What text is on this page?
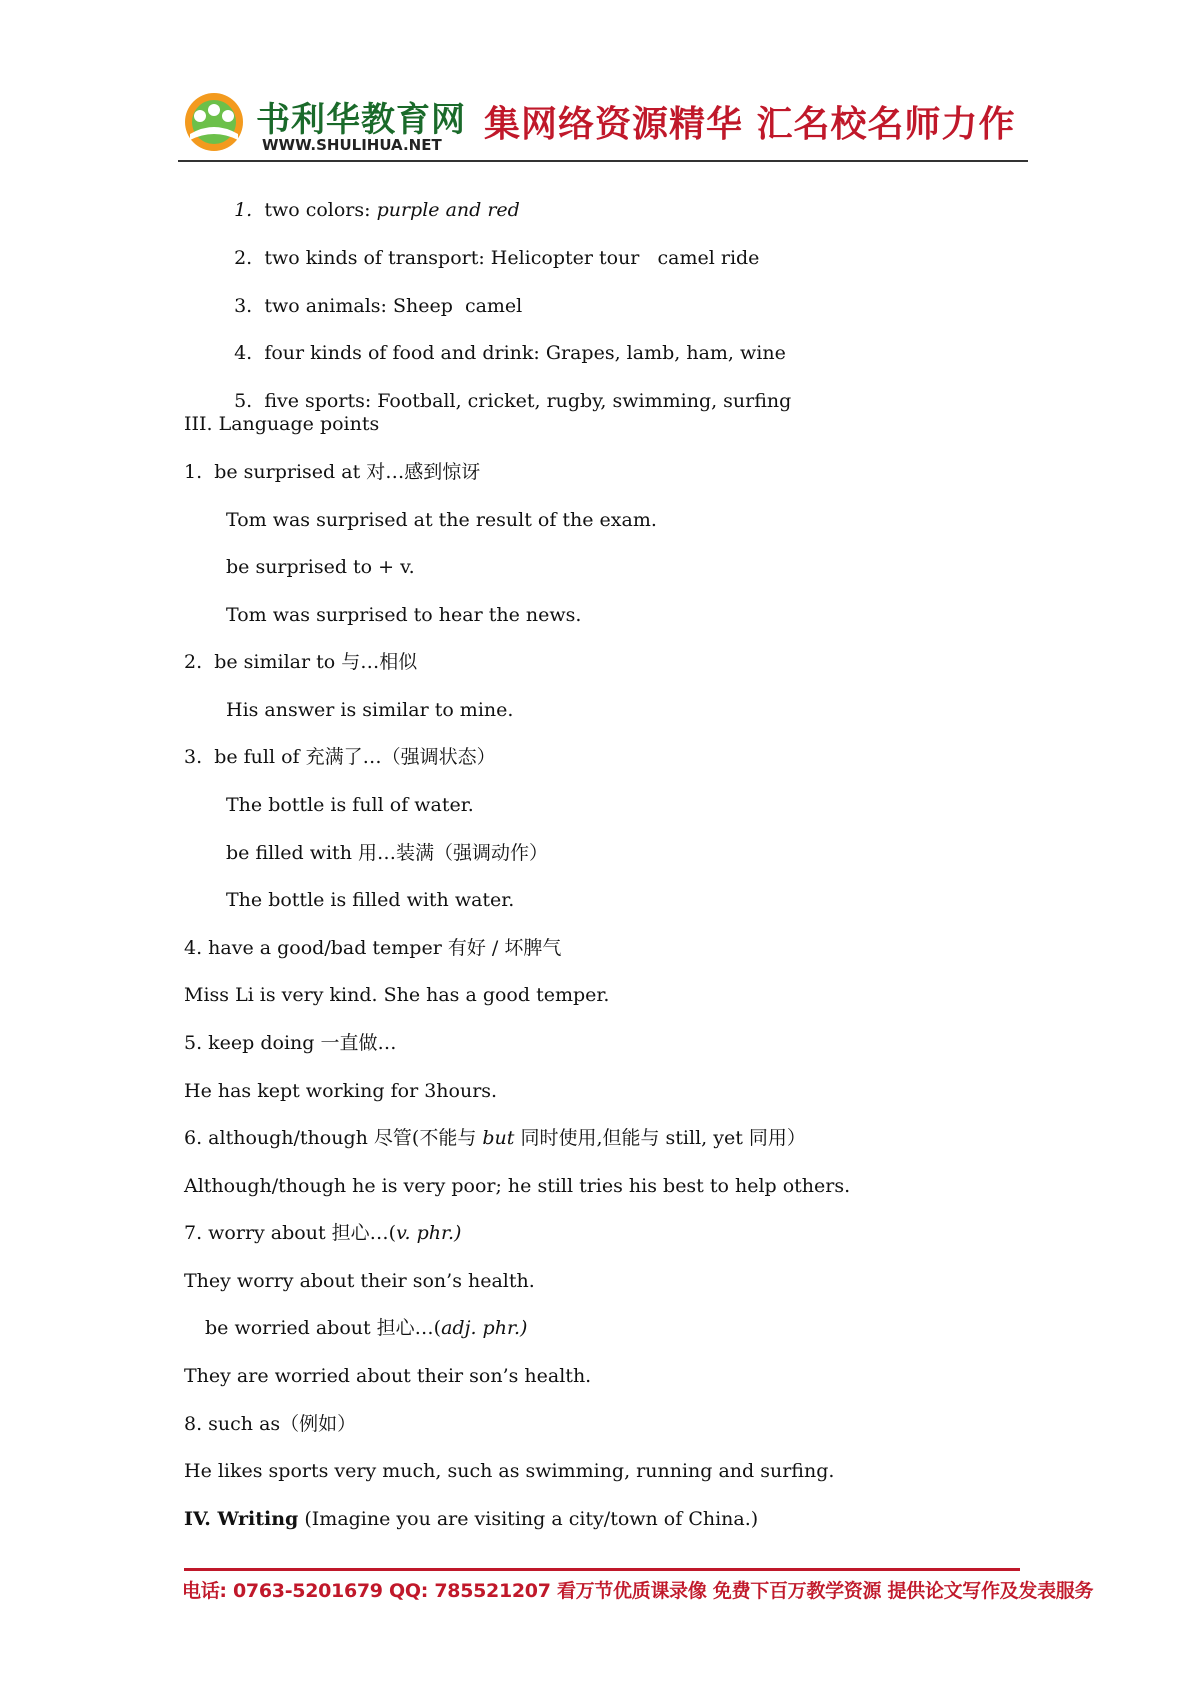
书利华教育网
WWW.SHULIHUA.NET 集网络资源精华 汇名校名师力作

1. two colors: purple and red

2. two kinds of transport: Helicopter tour   camel ride

3. two animals: Sheep  camel

4. four kinds of food and drink: Grapes, lamb, ham, wine

5. five sports: Football, cricket, rugby, swimming, surfing

III. Language points
1.  be surprised at 对…感到惊讶
Tom was surprised at the result of the exam.
be surprised to + v.
Tom was surprised to hear the news.
2.  be similar to 与…相似
His answer is similar to mine.
3.  be full of 充满了…（强调状态）
The bottle is full of water.
be filled with 用…装满（强调动作）
The bottle is filled with water.
4. have a good/bad temper 有好 / 坏脾气
Miss Li is very kind. She has a good temper.
5. keep doing 一直做…
He has kept working for 3hours.
6. although/though 尽管(不能与 but 同时使用,但能与 still, yet 同用）
Although/though he is very poor; he still tries his best to help others.
7. worry about 担心…(v. phr.)
They worry about their son’s health.
be worried about 担心…(adj. phr.)
They are worried about their son’s health.
8. such as（例如）
He likes sports very much, such as swimming, running and surfing.
IV. Writing (Imagine you are visiting a city/town of China.)
电话: 0763-5201679 QQ: 785521207 看万节优质课录像 免费下百万教学资源 提供论文写作及发表服务
